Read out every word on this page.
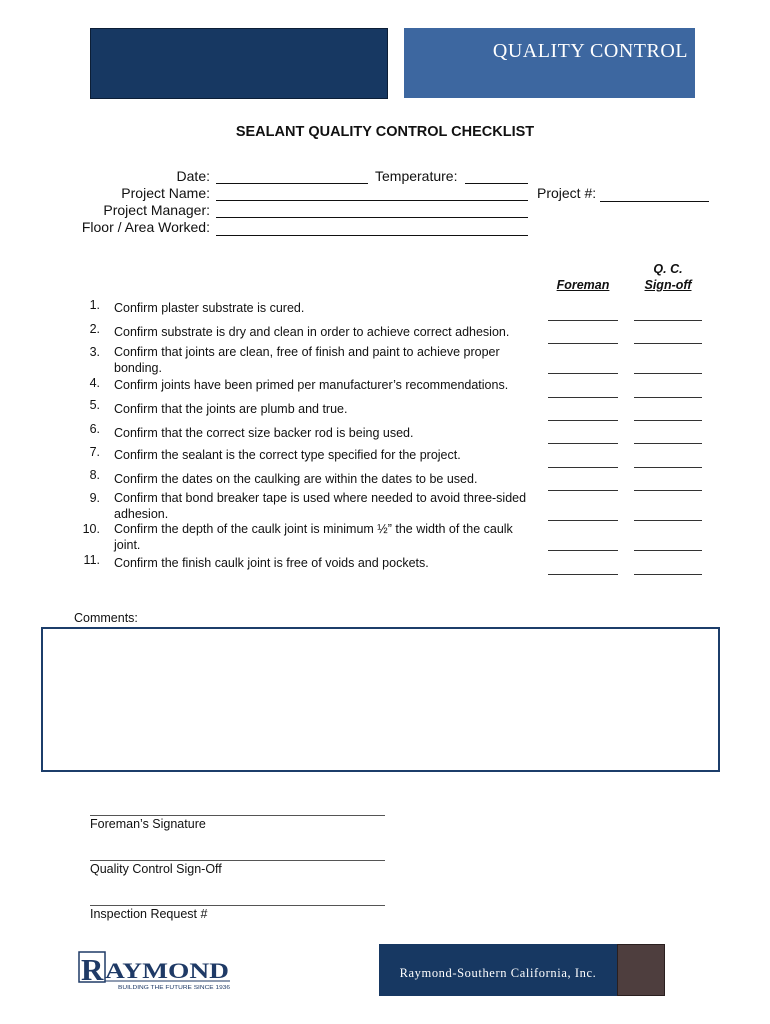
QUALITY CONTROL
SEALANT QUALITY CONTROL CHECKLIST
Date:	Temperature:
Project Name:	Project #:
Project Manager:
Floor / Area Worked:
Foreman
Q. C.
Sign-off
1. Confirm plaster substrate is cured.
2. Confirm substrate is dry and clean in order to achieve correct adhesion.
3. Confirm that joints are clean, free of finish and paint to achieve proper bonding.
4. Confirm joints have been primed per manufacturer’s recommendations.
5. Confirm that the joints are plumb and true.
6. Confirm that the correct size backer rod is being used.
7. Confirm the sealant is the correct type specified for the project.
8. Confirm the dates on the caulking are within the dates to be used.
9. Confirm that bond breaker tape is used where needed to avoid three-sided adhesion.
10. Confirm the depth of the caulk joint is minimum ½” the width of the caulk joint.
11. Confirm the finish caulk joint is free of voids and pockets.
Comments:
Foreman’s Signature
Quality Control Sign-Off
Inspection Request #
R AYMOND
BUILDING THE FUTURE SINCE 1936
Raymond-Southern California, Inc.
